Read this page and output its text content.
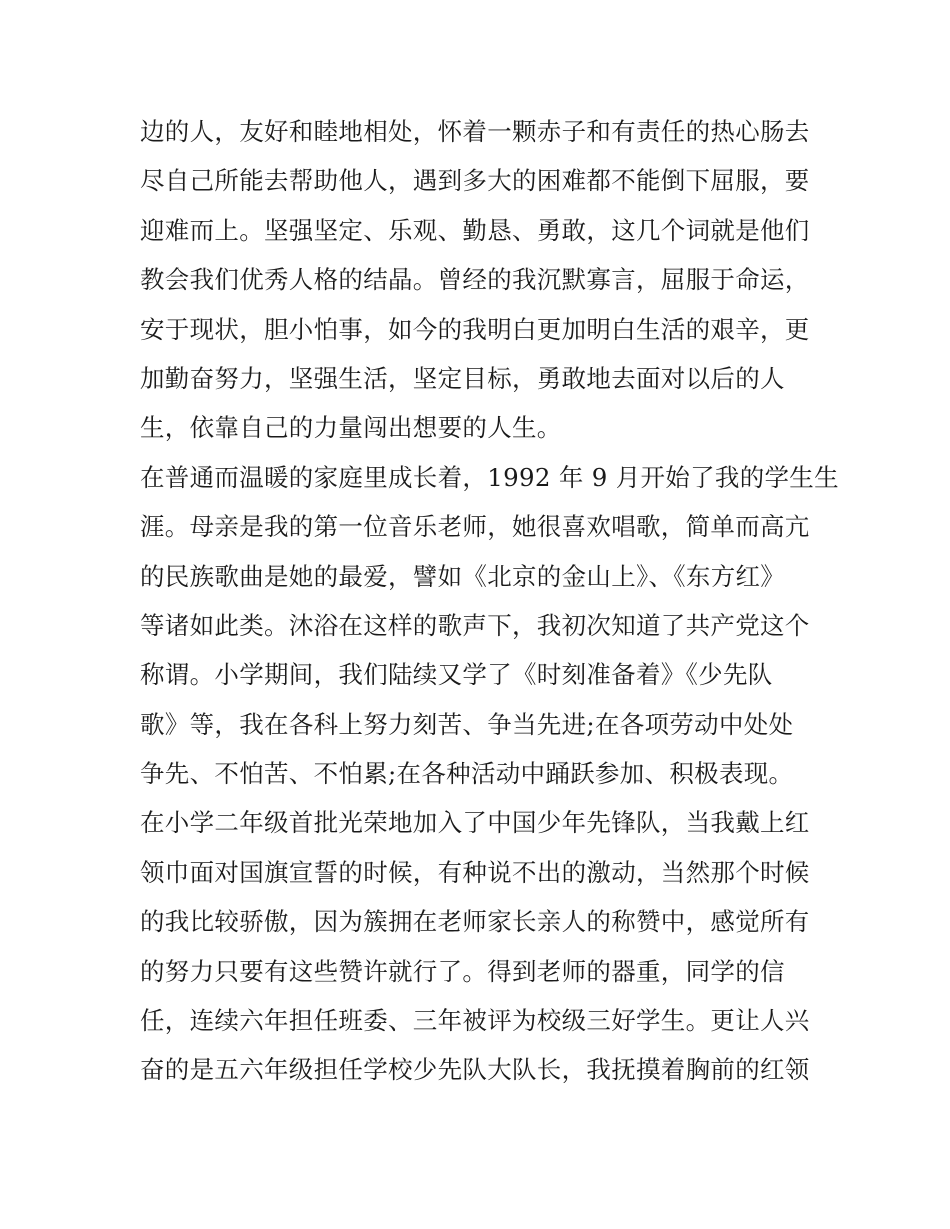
边的人，友好和睦地相处，怀着一颗赤子和有责任的热心肠去
尽自己所能去帮助他人，遇到多大的困难都不能倒下屈服，要
迎难而上。坚强坚定、乐观、勤恳、勇敢，这几个词就是他们
教会我们优秀人格的结晶。曾经的我沉默寡言，屈服于命运，
安于现状，胆小怕事，如今的我明白更加明白生活的艰辛，更
加勤奋努力，坚强生活，坚定目标，勇敢地去面对以后的人
生，依靠自己的力量闯出想要的人生。
在普通而温暖的家庭里成长着，1992 年 9 月开始了我的学生生
涯。母亲是我的第一位音乐老师，她很喜欢唱歌，简单而高亢
的民族歌曲是她的最爱，譬如《北京的金山上》、《东方红》
等诸如此类。沐浴在这样的歌声下，我初次知道了共产党这个
称谓。小学期间，我们陆续又学了《时刻准备着》《少先队
歌》等，我在各科上努力刻苦、争当先进;在各项劳动中处处
争先、不怕苦、不怕累;在各种活动中踊跃参加、积极表现。
在小学二年级首批光荣地加入了中国少年先锋队，当我戴上红
领巾面对国旗宣誓的时候，有种说不出的激动，当然那个时候
的我比较骄傲，因为簇拥在老师家长亲人的称赞中，感觉所有
的努力只要有这些赞许就行了。得到老师的器重，同学的信
任，连续六年担任班委、三年被评为校级三好学生。更让人兴
奋的是五六年级担任学校少先队大队长，我抚摸着胸前的红领
